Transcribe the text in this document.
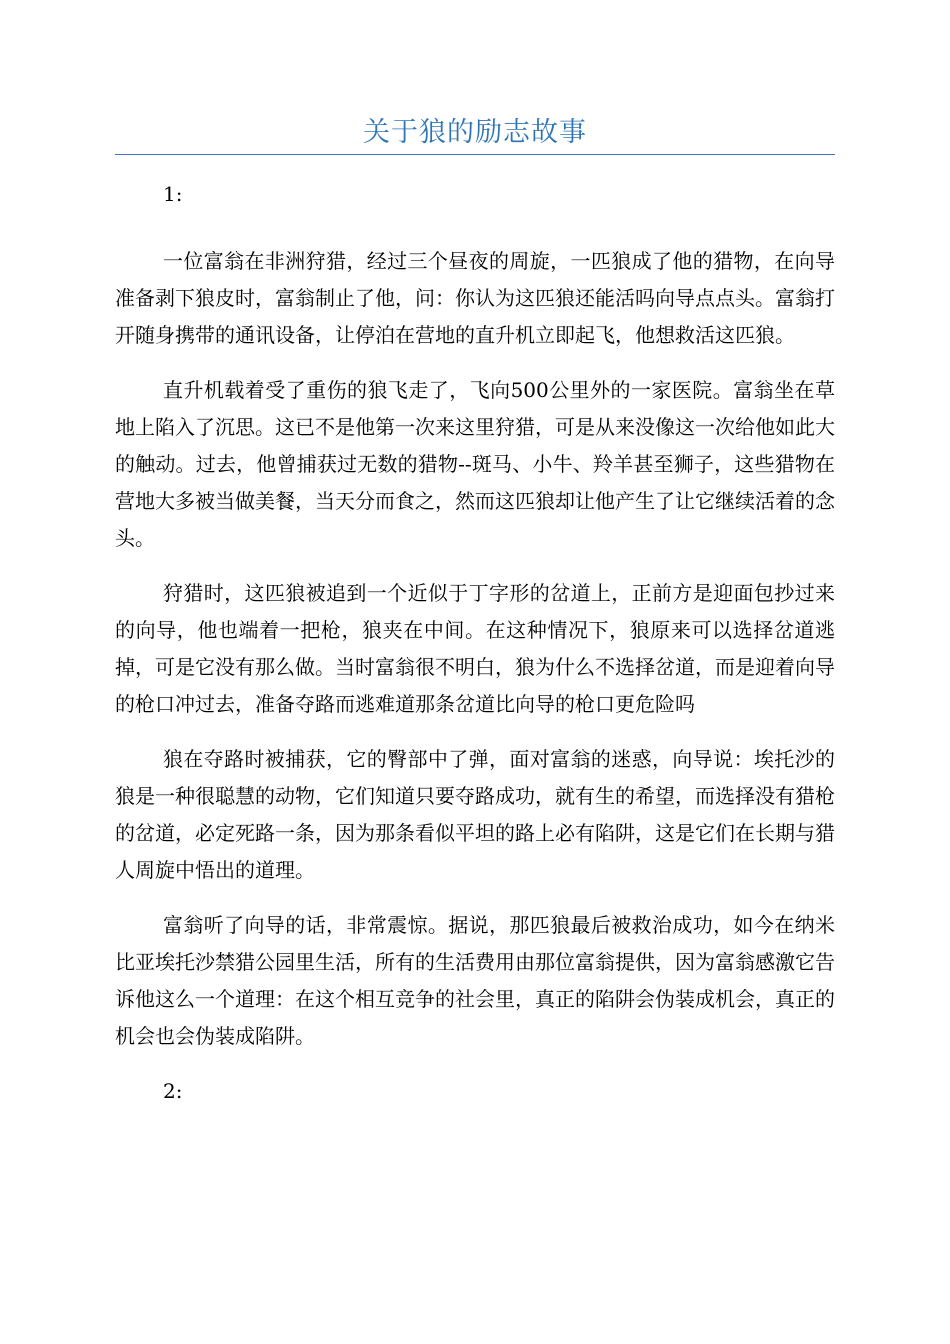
关于狼的励志故事

1:

一位富翁在非洲狩猎，经过三个昼夜的周旋，一匹狼成了他的猎物，在向导准备剥下狼皮时，富翁制止了他，问：你认为这匹狼还能活吗向导点点头。富翁打开随身携带的通讯设备，让停泊在营地的直升机立即起飞，他想救活这匹狼。

直升机载着受了重伤的狼飞走了，飞向500公里外的一家医院。富翁坐在草地上陷入了沉思。这已不是他第一次来这里狩猎，可是从来没像这一次给他如此大的触动。过去，他曾捕获过无数的猎物--斑马、小牛、羚羊甚至狮子，这些猎物在营地大多被当做美餐，当天分而食之，然而这匹狼却让他产生了让它继续活着的念头。

狩猎时，这匹狼被追到一个近似于丁字形的岔道上，正前方是迎面包抄过来的向导，他也端着一把枪，狼夹在中间。在这种情况下，狼原来可以选择岔道逃掉，可是它没有那么做。当时富翁很不明白，狼为什么不选择岔道，而是迎着向导的枪口冲过去，准备夺路而逃难道那条岔道比向导的枪口更危险吗

狼在夺路时被捕获，它的臀部中了弹，面对富翁的迷惑，向导说：埃托沙的狼是一种很聪慧的动物，它们知道只要夺路成功，就有生的希望，而选择没有猎枪的岔道，必定死路一条，因为那条看似平坦的路上必有陷阱，这是它们在长期与猎人周旋中悟出的道理。

富翁听了向导的话，非常震惊。据说，那匹狼最后被救治成功，如今在纳米比亚埃托沙禁猎公园里生活，所有的生活费用由那位富翁提供，因为富翁感激它告诉他这么一个道理：在这个相互竞争的社会里，真正的陷阱会伪装成机会，真正的机会也会伪装成陷阱。

2:
